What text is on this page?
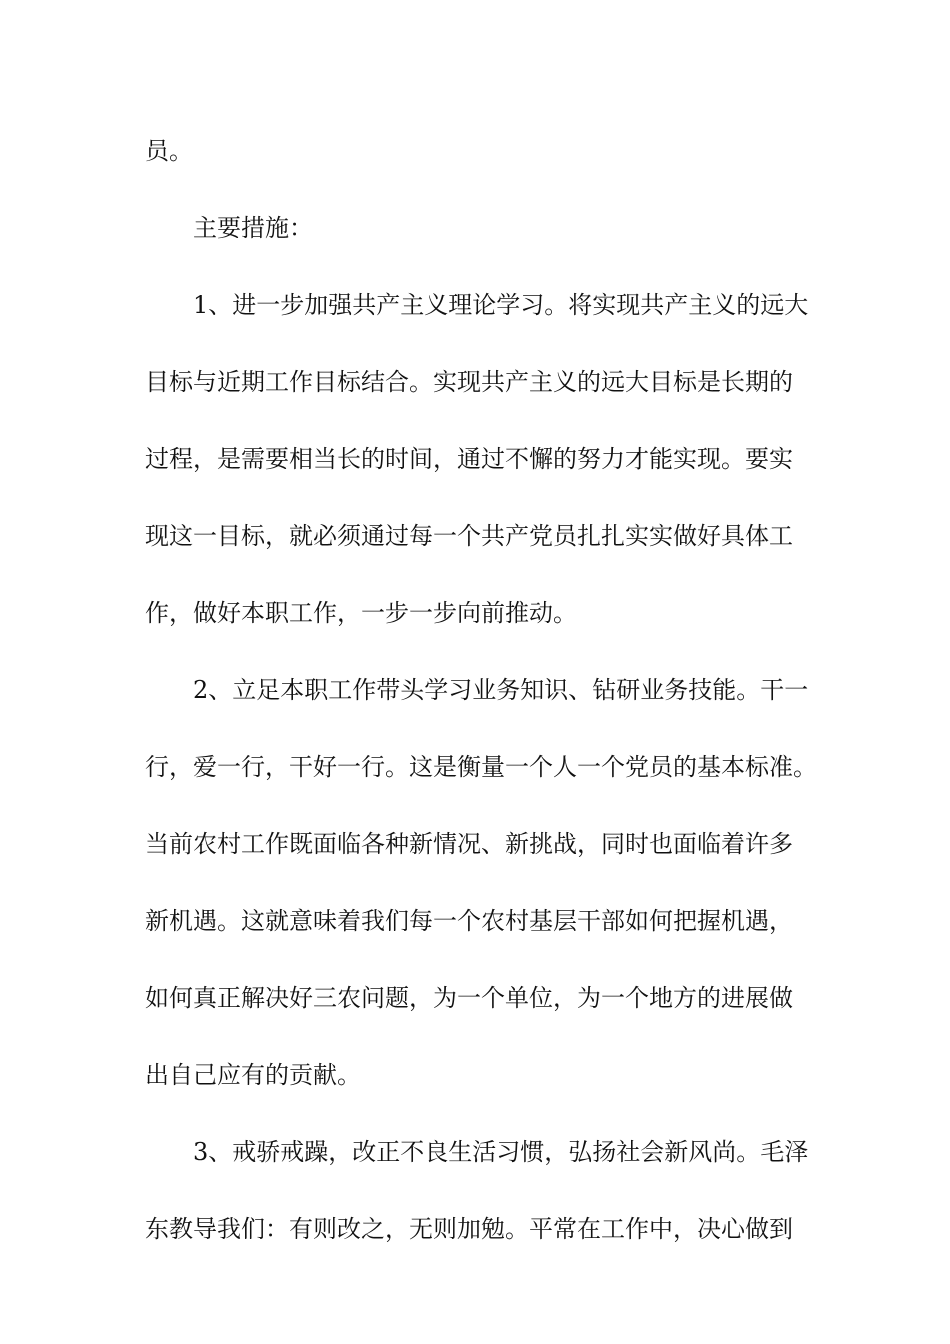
员。
主要措施：
1、进一步加强共产主义理论学习。将实现共产主义的远大
目标与近期工作目标结合。实现共产主义的远大目标是长期的
过程，是需要相当长的时间，通过不懈的努力才能实现。要实
现这一目标，就必须通过每一个共产党员扎扎实实做好具体工
作，做好本职工作，一步一步向前推动。
2、立足本职工作带头学习业务知识、钻研业务技能。干一
行，爱一行，干好一行。这是衡量一个人一个党员的基本标准。
当前农村工作既面临各种新情况、新挑战，同时也面临着许多
新机遇。这就意味着我们每一个农村基层干部如何把握机遇，
如何真正解决好三农问题，为一个单位，为一个地方的进展做
出自己应有的贡献。
3、戒骄戒躁，改正不良生活习惯，弘扬社会新风尚。毛泽
东教导我们：有则改之，无则加勉。平常在工作中，决心做到
